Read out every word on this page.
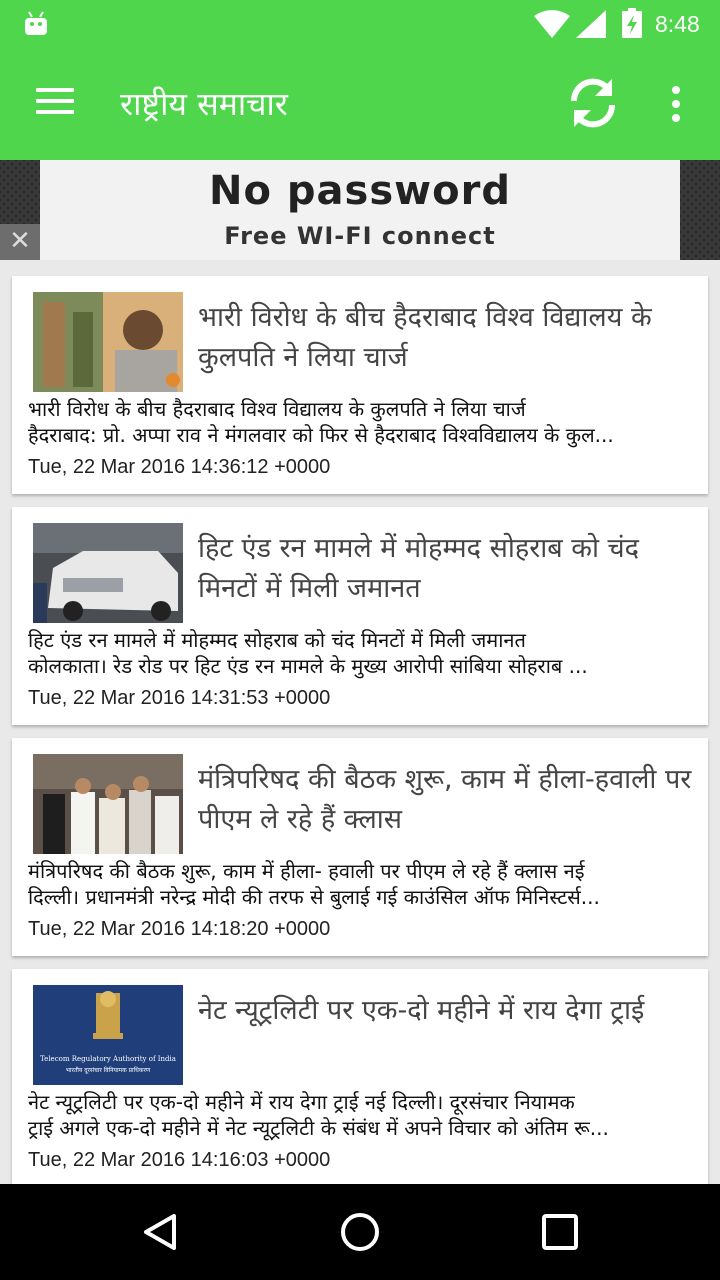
8:48
राष्ट्रीय समाचार
No password
Free WI-FI connect
✕
भारी विरोध के बीच हैदराबाद विश्व विद्यालय के कुलपति ने लिया चार्ज

भारी विरोध के बीच हैदराबाद विश्व विद्यालय के कुलपति ने लिया चार्ज

हैदराबाद: प्रो. अप्पा राव ने मंगलवार को फिर से हैदराबाद विश्वविद्यालय के कुल...

Tue, 22 Mar 2016 14:36:12 +0000
हिट एंड रन मामले में मोहम्मद सोहराब को चंद मिनटों में मिली जमानत

हिट एंड रन मामले में मोहम्मद सोहराब को चंद मिनटों में मिली जमानत

कोलकाता। रेड रोड पर हिट एंड रन मामले के मुख्य आरोपी सांबिया सोहराब ...

Tue, 22 Mar 2016 14:31:53 +0000
मंत्रिपरिषद की बैठक शुरू, काम में हीला-हवाली पर पीएम ले रहे हैं क्लास

मंत्रिपरिषद की बैठक शुरू, काम में हीला- हवाली पर पीएम ले रहे हैं क्लास नई

दिल्ली। प्रधानमंत्री नरेन्द्र मोदी की तरफ से बुलाई गई काउंसिल ऑफ मिनिस्टर्स...

Tue, 22 Mar 2016 14:18:20 +0000
Telecom Regulatory Authority of India
भारतीय दूरसंचार विनियामक प्राधिकरण
नेट न्यूट्रलिटी पर एक-दो महीने में राय देगा ट्राई

नेट न्यूट्रलिटी पर एक-दो महीने में राय देगा ट्राई नई दिल्ली। दूरसंचार नियामक

ट्राई अगले एक-दो महीने में नेट न्यूट्रलिटी के संबंध में अपने विचार को अंतिम रू...

Tue, 22 Mar 2016 14:16:03 +0000
